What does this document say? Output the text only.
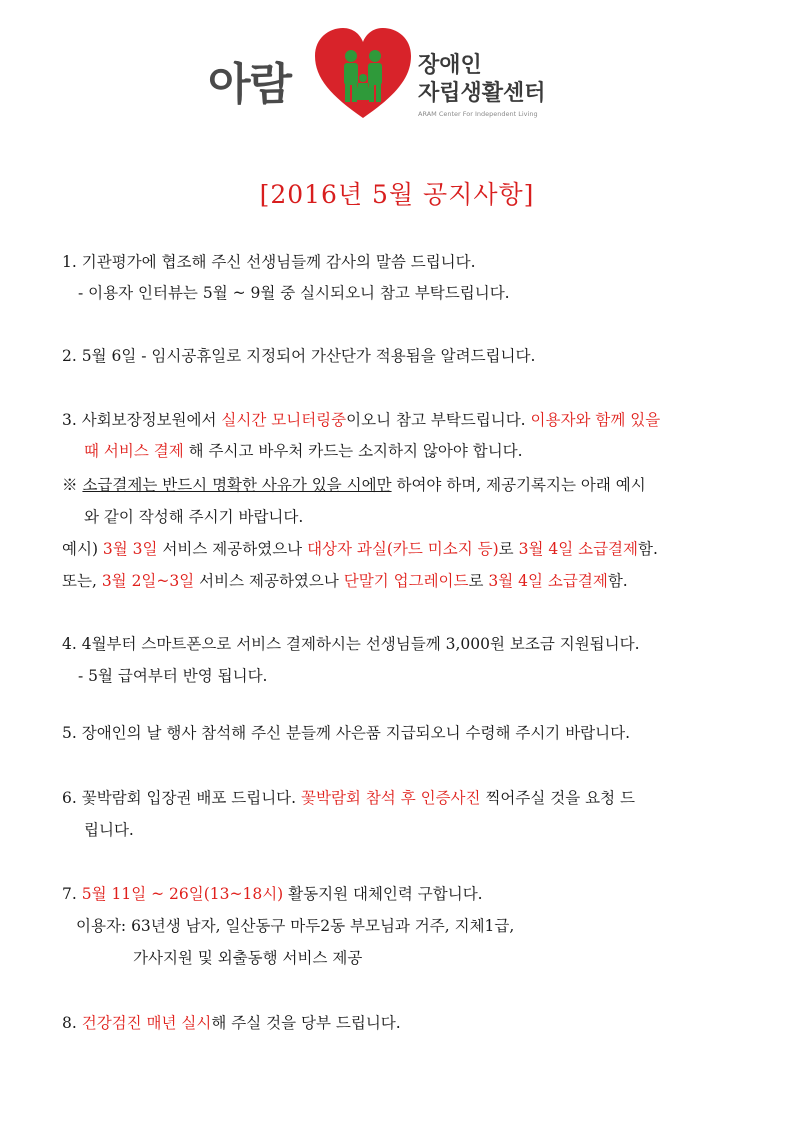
아람	장애인
자립생활센터
ARAM Center For Independent Living
[2016년 5월 공지사항]
1. 기관평가에 협조해 주신 선생님들께 감사의 말씀 드립니다.
- 이용자 인터뷰는 5월 ~ 9월 중 실시되오니 참고 부탁드립니다.
2. 5월 6일 - 임시공휴일로 지정되어 가산단가 적용됨을 알려드립니다.
3. 사회보장정보원에서 실시간 모니터링중이오니 참고 부탁드립니다. 이용자와 함께 있을
때 서비스 결제 해 주시고 바우처 카드는 소지하지 않아야 합니다.
※ 소급결제는 반드시 명확한 사유가 있을 시에만 하여야 하며, 제공기록지는 아래 예시
와 같이 작성해 주시기 바랍니다.
예시) 3월 3일 서비스 제공하였으나 대상자 과실(카드 미소지 등)로 3월 4일 소급결제함.
또는, 3월 2일~3일 서비스 제공하였으나 단말기 업그레이드로 3월 4일 소급결제함.
4. 4월부터 스마트폰으로 서비스 결제하시는 선생님들께 3,000원 보조금 지원됩니다.
- 5월 급여부터 반영 됩니다.
5. 장애인의 날 행사 참석해 주신 분들께 사은품 지급되오니 수령해 주시기 바랍니다.
6. 꽃박람회 입장권 배포 드립니다. 꽃박람회 참석 후 인증사진 찍어주실 것을 요청 드
립니다.
7. 5월 11일 ~ 26일(13~18시) 활동지원 대체인력 구합니다.
이용자: 63년생 남자, 일산동구 마두2동 부모님과 거주, 지체1급,
가사지원 및 외출동행 서비스 제공
8. 건강검진 매년 실시해 주실 것을 당부 드립니다.
